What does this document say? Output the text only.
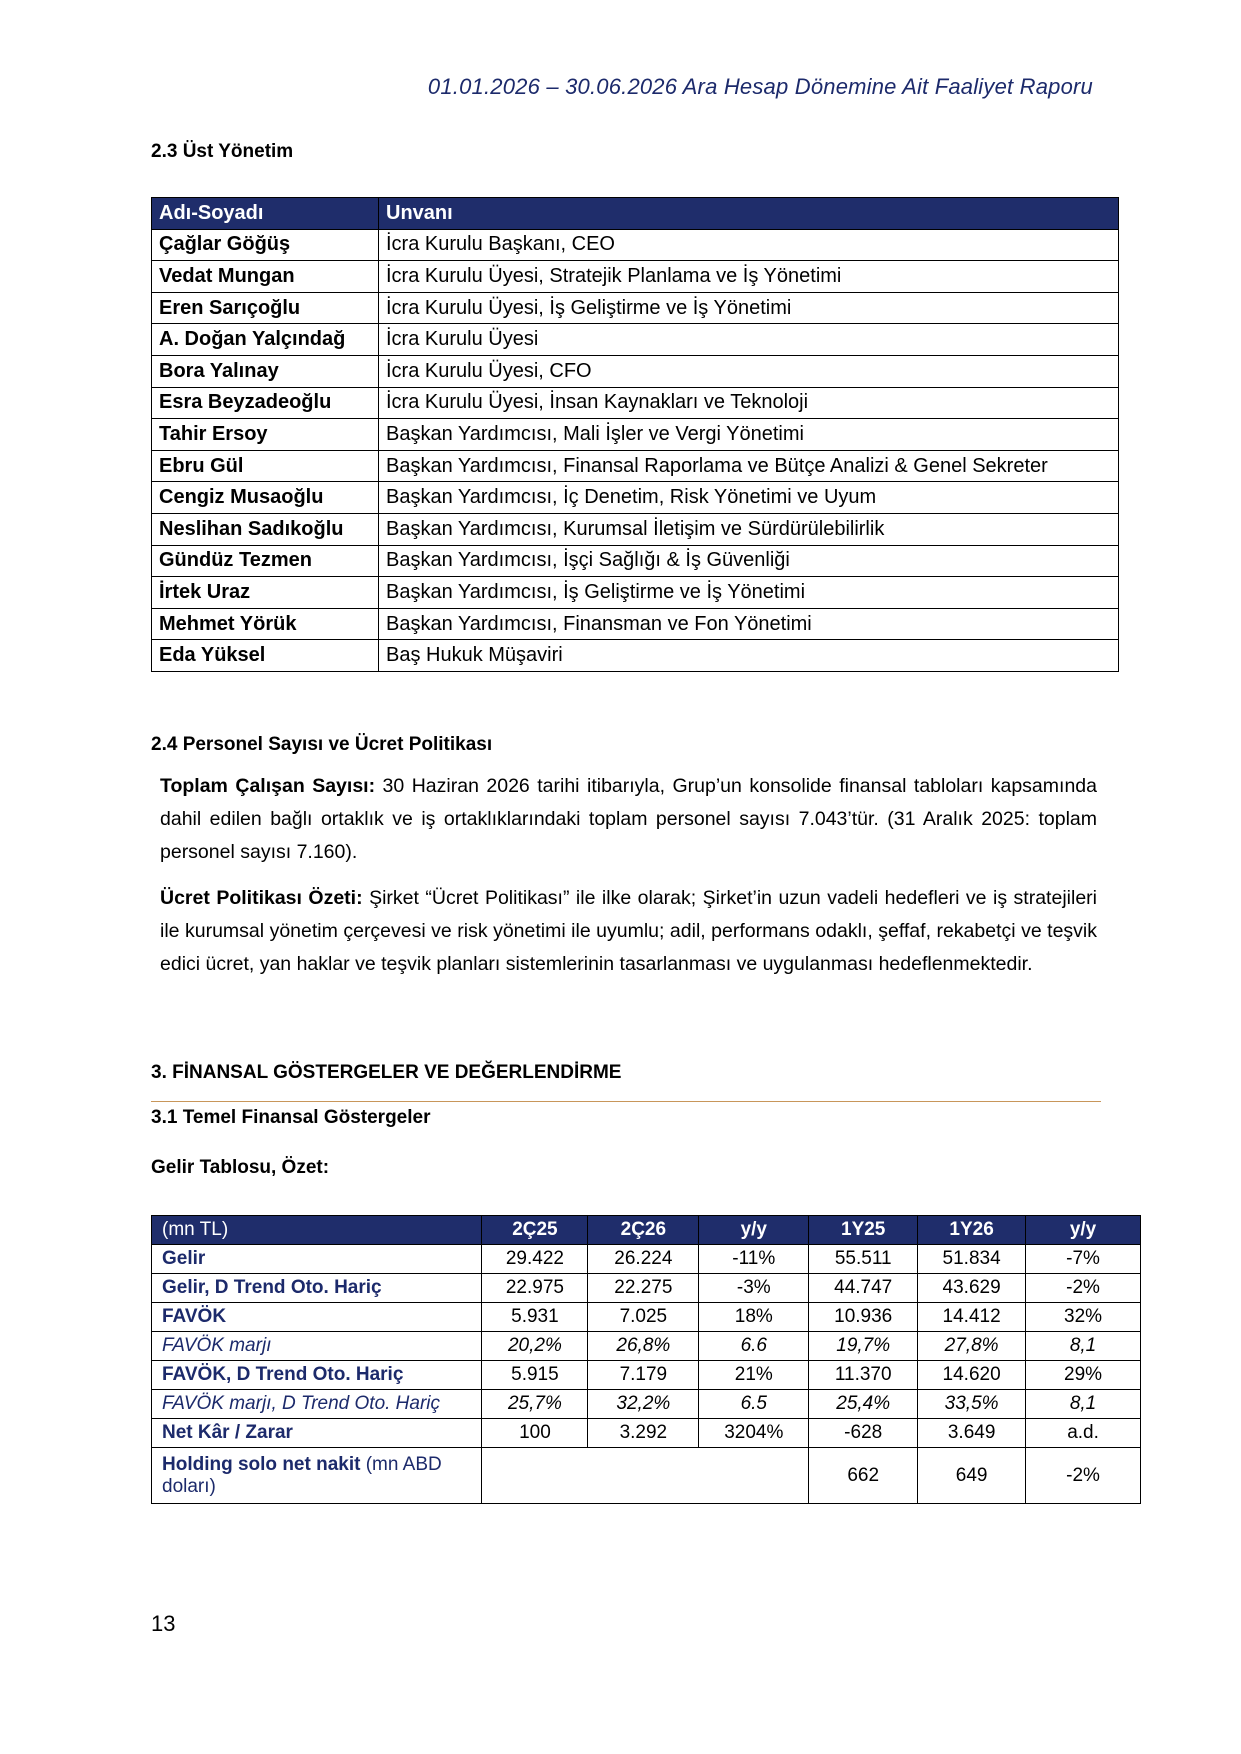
01.01.2026 – 30.06.2026 Ara Hesap Dönemine Ait Faaliyet Raporu
2.3 Üst Yönetim
Adı-Soyadı	Unvanı
Çağlar Göğüş	İcra Kurulu Başkanı, CEO
Vedat Mungan	İcra Kurulu Üyesi, Stratejik Planlama ve İş Yönetimi
Eren Sarıçoğlu	İcra Kurulu Üyesi, İş Geliştirme ve İş Yönetimi
A. Doğan Yalçındağ	İcra Kurulu Üyesi
Bora Yalınay	İcra Kurulu Üyesi, CFO
Esra Beyzadeoğlu	İcra Kurulu Üyesi, İnsan Kaynakları ve Teknoloji
Tahir Ersoy	Başkan Yardımcısı, Mali İşler ve Vergi Yönetimi
Ebru Gül	Başkan Yardımcısı, Finansal Raporlama ve Bütçe Analizi & Genel Sekreter
Cengiz Musaoğlu	Başkan Yardımcısı, İç Denetim, Risk Yönetimi ve Uyum
Neslihan Sadıkoğlu	Başkan Yardımcısı, Kurumsal İletişim ve Sürdürülebilirlik
Gündüz Tezmen	Başkan Yardımcısı, İşçi Sağlığı & İş Güvenliği
İrtek Uraz	Başkan Yardımcısı, İş Geliştirme ve İş Yönetimi
Mehmet Yörük	Başkan Yardımcısı, Finansman ve Fon Yönetimi
Eda Yüksel	Baş Hukuk Müşaviri
2.4 Personel Sayısı ve Ücret Politikası
Toplam Çalışan Sayısı: 30 Haziran 2026 tarihi itibarıyla, Grup’un konsolide finansal tabloları kapsamında dahil edilen bağlı ortaklık ve iş ortaklıklarındaki toplam personel sayısı 7.043’tür. (31 Aralık 2025: toplam personel sayısı 7.160).
Ücret Politikası Özeti: Şirket “Ücret Politikası” ile ilke olarak; Şirket’in uzun vadeli hedefleri ve iş stratejileri ile kurumsal yönetim çerçevesi ve risk yönetimi ile uyumlu; adil, performans odaklı, şeffaf, rekabetçi ve teşvik edici ücret, yan haklar ve teşvik planları sistemlerinin tasarlanması ve uygulanması hedeflenmektedir.
3. FİNANSAL GÖSTERGELER VE DEĞERLENDİRME
3.1 Temel Finansal Göstergeler
Gelir Tablosu, Özet:
(mn TL)	2Ç25	2Ç26	y/y	1Y25	1Y26	y/y
Gelir	29.422	26.224	-11%	55.511	51.834	-7%
Gelir, D Trend Oto. Hariç	22.975	22.275	-3%	44.747	43.629	-2%
FAVÖK	5.931	7.025	18%	10.936	14.412	32%
FAVÖK marjı	20,2%	26,8%	6.6	19,7%	27,8%	8,1
FAVÖK, D Trend Oto. Hariç	5.915	7.179	21%	11.370	14.620	29%
FAVÖK marjı, D Trend Oto. Hariç	25,7%	32,2%	6.5	25,4%	33,5%	8,1
Net Kâr / Zarar	100	3.292	3204%	-628	3.649	a.d.
Holding solo net nakit (mn ABD doları)				662	649	-2%
13
